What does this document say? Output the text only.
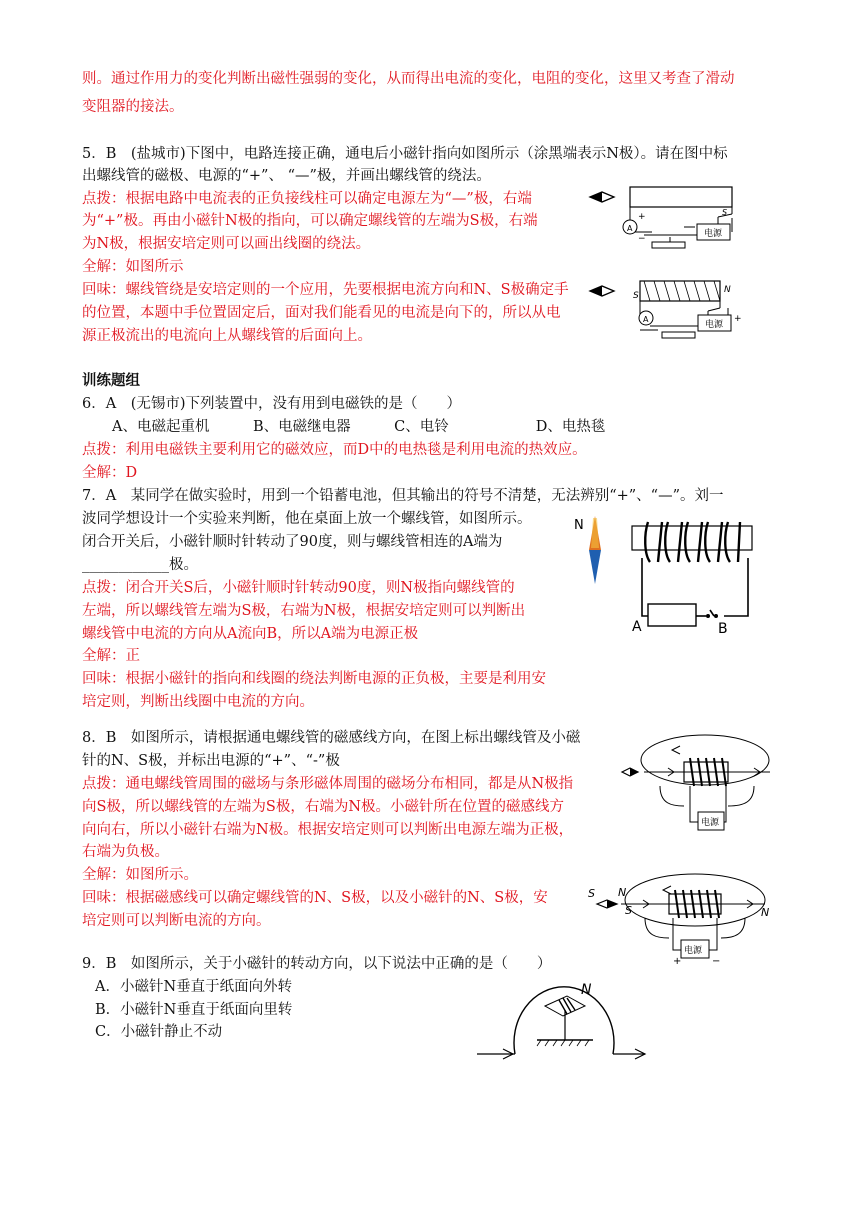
则。通过作用力的变化判断出磁性强弱的变化，从而得出电流的变化，电阻的变化，这里又考查了滑动
变阻器的接法。
5．B　(盐城市)下图中，电路连接正确，通电后小磁针指向如图所示（涂黑端表示N极）。请在图中标
出螺线管的磁极、电源的“+”、 “—”极，并画出螺线管的绕法。
点拨：根据电路中电流表的正负接线柱可以确定电源左为“—”极，右端
为“+”极。再由小磁针N极的指向，可以确定螺线管的左端为S极，右端
为N极，根据安培定则可以画出线圈的绕法。
全解：如图所示
回味：螺线管绕是安培定则的一个应用，先要根据电流方向和N、S极确定手
的位置，本题中手位置固定后，面对我们能看见的电流是向下的，所以从电
源正极流出的电流向上从螺线管的后面向上。
A
+
−
S
电源
S
N
A
电源
+
训练题组
6．A　(无锡市)下列装置中，没有用到电磁铁的是（　　）
A、电磁起重机　　　B、电磁继电器　　　C、电铃　　　　　　D、电热毯
点拨：利用电磁铁主要利用它的磁效应，而D中的电热毯是利用电流的热效应。
全解：D
7．A　某同学在做实验时，用到一个铅蓄电池，但其输出的符号不清楚，无法辨别“+”、“—”。刘一
波同学想设计一个实验来判断，他在桌面上放一个螺线管，如图所示。
闭合开关后，小磁针顺时针转动了90度，则与螺线管相连的A端为
____________极。
点拨：闭合开关S后，小磁针顺时针转动90度，则N极指向螺线管的
左端，所以螺线管左端为S极，右端为N极，根据安培定则可以判断出
螺线管中电流的方向从A流向B，所以A端为电源正极
全解：正
回味：根据小磁针的指向和线圈的绕法判断电源的正负极，主要是利用安
培定则，判断出线圈中电流的方向。
N
A	B
8．B　如图所示，请根据通电螺线管的磁感线方向，在图上标出螺线管及小磁
针的N、S极，并标出电源的“+”、“-”极
点拨：通电螺线管周围的磁场与条形磁体周围的磁场分布相同，都是从N极指
向S极，所以螺线管的左端为S极，右端为N极。小磁针所在位置的磁感线方
向向右，所以小磁针右端为N极。根据安培定则可以判断出电源左端为正极，
右端为负极。
全解：如图所示。
回味：根据磁感线可以确定螺线管的N、S极，以及小磁针的N、S极，安
培定则可以判断电流的方向。
电源
S N
S	N
电源
+	−
9．B　如图所示，关于小磁针的转动方向，以下说法中正确的是（　　）
A．小磁针N垂直于纸面向外转
B．小磁针N垂直于纸面向里转
C．小磁针静止不动
N
